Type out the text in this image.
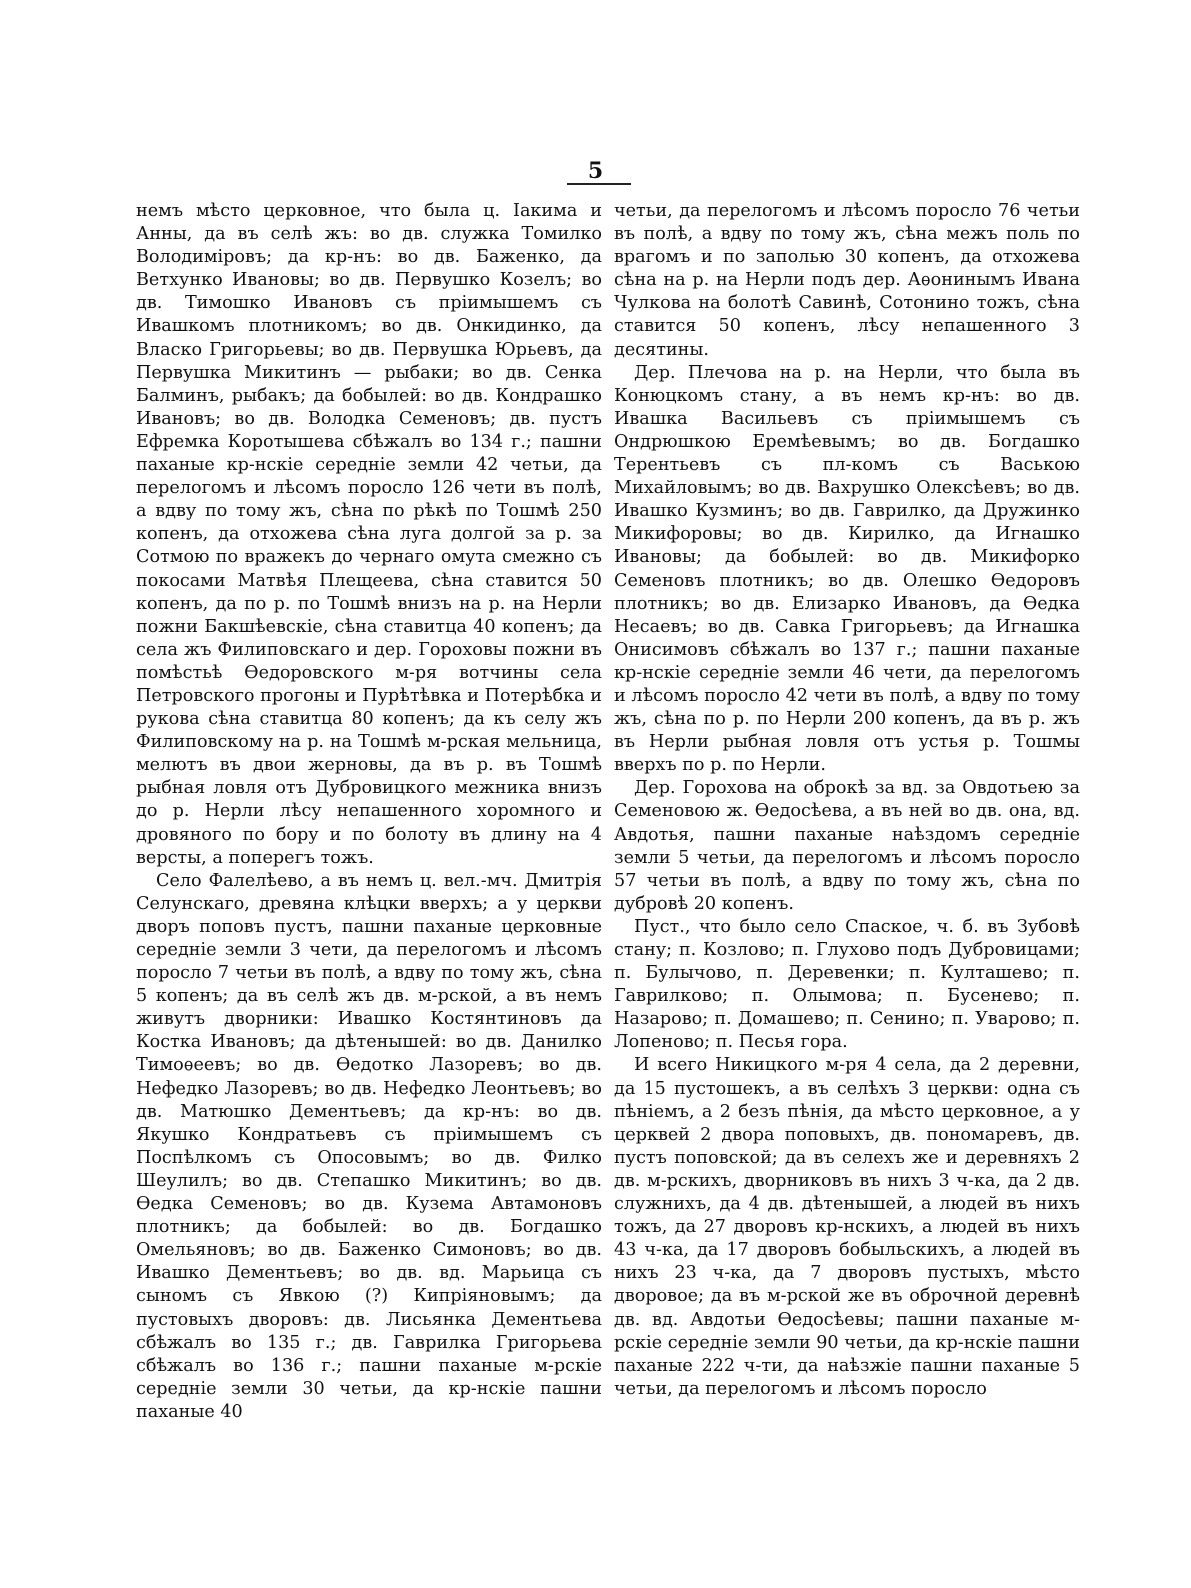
5

немъ мѣсто церковное, что была ц. Іакима и Анны, да въ селѣ жъ: во дв. служка Томилко Володиміровъ; да кр-нъ: во дв. Баженко, да Ветхунко Ивановы; во дв. Первушко Козелъ; во дв. Тимошко Ивановъ съ пріимышемъ съ Ивашкомъ плотникомъ; во дв. Онкидинко, да Власко Григорьевы; во дв. Первушка Юрьевъ, да Первушка Микитинъ — рыбаки; во дв. Сенка Балминъ, рыбакъ; да бобылей: во дв. Кондрашко Ивановъ; во дв. Володка Семеновъ; дв. пустъ Ефремка Коротышева сбѣжалъ во 134 г.; пашни паханые кр-нскіе середніе земли 42 четьи, да перелогомъ и лѣсомъ поросло 126 чети въ полѣ, а вдву по тому жъ, сѣна по рѣкѣ по Тошмѣ 250 копенъ, да отхожева сѣна луга долгой за р. за Сотмою по вражекъ до чернаго омута смежно съ покосами Матвѣя Плещеева, сѣна ставится 50 копенъ, да по р. по Тошмѣ внизъ на р. на Нерли пожни Бакшѣевскіе, сѣна ставитца 40 копенъ; да села жъ Филиповскаго и дер. Гороховы пожни въ помѣстьѣ Ѳедоровского м-ря вотчины села Петровского прогоны и Пурѣтѣвка и Потерѣбка и рукова сѣна ставитца 80 копенъ; да къ селу жъ Филиповскому на р. на Тошмѣ м-рская мельница, мелютъ въ двои жерновы, да въ р. въ Тошмѣ рыбная ловля отъ Дубровицкого межника внизъ до р. Нерли лѣсу непашенного хоромного и дровяного по бору и по болоту въ длину на 4 версты, а поперегъ тожъ.

Село Фалелѣево, а въ немъ ц. вел.-мч. Дмитрія Селунскаго, древяна клѣцки вверхъ; а у церкви дворъ поповъ пустъ, пашни паханые церковные середніе земли 3 чети, да перелогомъ и лѣсомъ поросло 7 четьи въ полѣ, а вдву по тому жъ, сѣна 5 копенъ; да въ селѣ жъ дв. м-рской, а въ немъ живутъ дворники: Ивашко Костянтиновъ да Костка Ивановъ; да дѣтенышей: во дв. Данилко Тимоѳеевъ; во дв. Ѳедотко Лазоревъ; во дв. Нефедко Лазоревъ; во дв. Нефедко Леонтьевъ; во дв. Матюшко Дементьевъ; да кр-нъ: во дв. Якушко Кондратьевъ съ пріимышемъ съ Поспѣлкомъ съ Опосовымъ; во дв. Филко Шеулилъ; во дв. Степашко Микитинъ; во дв. Ѳедка Семеновъ; во дв. Кузема Автамоновъ плотникъ; да бобылей: во дв. Богдашко Омельяновъ; во дв. Баженко Симоновъ; во дв. Ивашко Дементьевъ; во дв. вд. Марьица съ сыномъ съ Явкою (?) Кипріяновымъ; да пустовыхъ дворовъ: дв. Лисьянка Дементьева сбѣжалъ во 135 г.; дв. Гаврилка Григорьева сбѣжалъ во 136 г.; пашни паханые м-рскіе середніе земли 30 четьи, да кр-нскіе пашни паханые 40

четьи, да перелогомъ и лѣсомъ поросло 76 четьи въ полѣ, а вдву по тому жъ, сѣна межъ поль по врагомъ и по заполью 30 копенъ, да отхожева сѣна на р. на Нерли подъ дер. Аѳонинымъ Ивана Чулкова на болотѣ Савинѣ, Сотонино тожъ, сѣна ставится 50 копенъ, лѣсу непашенного 3 десятины.

Дер. Плечова на р. на Нерли, что была въ Конюцкомъ стану, а въ немъ кр-нъ: во дв. Ивашка Васильевъ съ пріимышемъ съ Ондрюшкою Еремѣевымъ; во дв. Богдашко Терентьевъ съ пл-комъ съ Ваською Михайловымъ; во дв. Вахрушко Олексѣевъ; во дв. Ивашко Кузминъ; во дв. Гаврилко, да Дружинко Микифоровы; во дв. Кирилко, да Игнашко Ивановы; да бобылей: во дв. Микифорко Семеновъ плотникъ; во дв. Олешко Ѳедоровъ плотникъ; во дв. Елизарко Ивановъ, да Ѳедка Несаевъ; во дв. Савка Григорьевъ; да Игнашка Онисимовъ сбѣжалъ во 137 г.; пашни паханые кр-нскіе середніе земли 46 чети, да перелогомъ и лѣсомъ поросло 42 чети въ полѣ, а вдву по тому жъ, сѣна по р. по Нерли 200 копенъ, да въ р. жъ въ Нерли рыбная ловля отъ устья р. Тошмы вверхъ по р. по Нерли.

Дер. Горохова на оброкѣ за вд. за Овдотьею за Семеновою ж. Ѳедосѣева, а въ ней во дв. она, вд. Авдотья, пашни паханые наѣздомъ середніе земли 5 четьи, да перелогомъ и лѣсомъ поросло 57 четьи въ полѣ, а вдву по тому жъ, сѣна по дубровѣ 20 копенъ.

Пуст., что было село Спаское, ч. б. въ Зубовѣ стану; п. Козлово; п. Глухово подъ Дубровицами; п. Булычово, п. Деревенки; п. Култашево; п. Гаврилково; п. Олымова; п. Бусенево; п. Назарово; п. Домашево; п. Сенино; п. Уварово; п. Лопеново; п. Песья гора.

И всего Никицкого м-ря 4 села, да 2 деревни, да 15 пустошекъ, а въ селѣхъ 3 церкви: одна съ пѣніемъ, а 2 безъ пѣнія, да мѣсто церковное, а у церквей 2 двора поповыхъ, дв. пономаревъ, дв. пустъ поповской; да въ селехъ же и деревняхъ 2 дв. м-рскихъ, дворниковъ въ нихъ 3 ч-ка, да 2 дв. служнихъ, да 4 дв. дѣтенышей, а людей въ нихъ тожъ, да 27 дворовъ кр-нскихъ, а людей въ нихъ 43 ч-ка, да 17 дворовъ бобыльскихъ, а людей въ нихъ 23 ч-ка, да 7 дворовъ пустыхъ, мѣсто дворовое; да въ м-рской же въ оброчной деревнѣ дв. вд. Авдотьи Ѳедосѣевы; пашни паханые м-рскіе середніе земли 90 четьи, да кр-нскіе пашни паханые 222 ч-ти, да наѣзжіе пашни паханые 5 четьи, да перелогомъ и лѣсомъ поросло
